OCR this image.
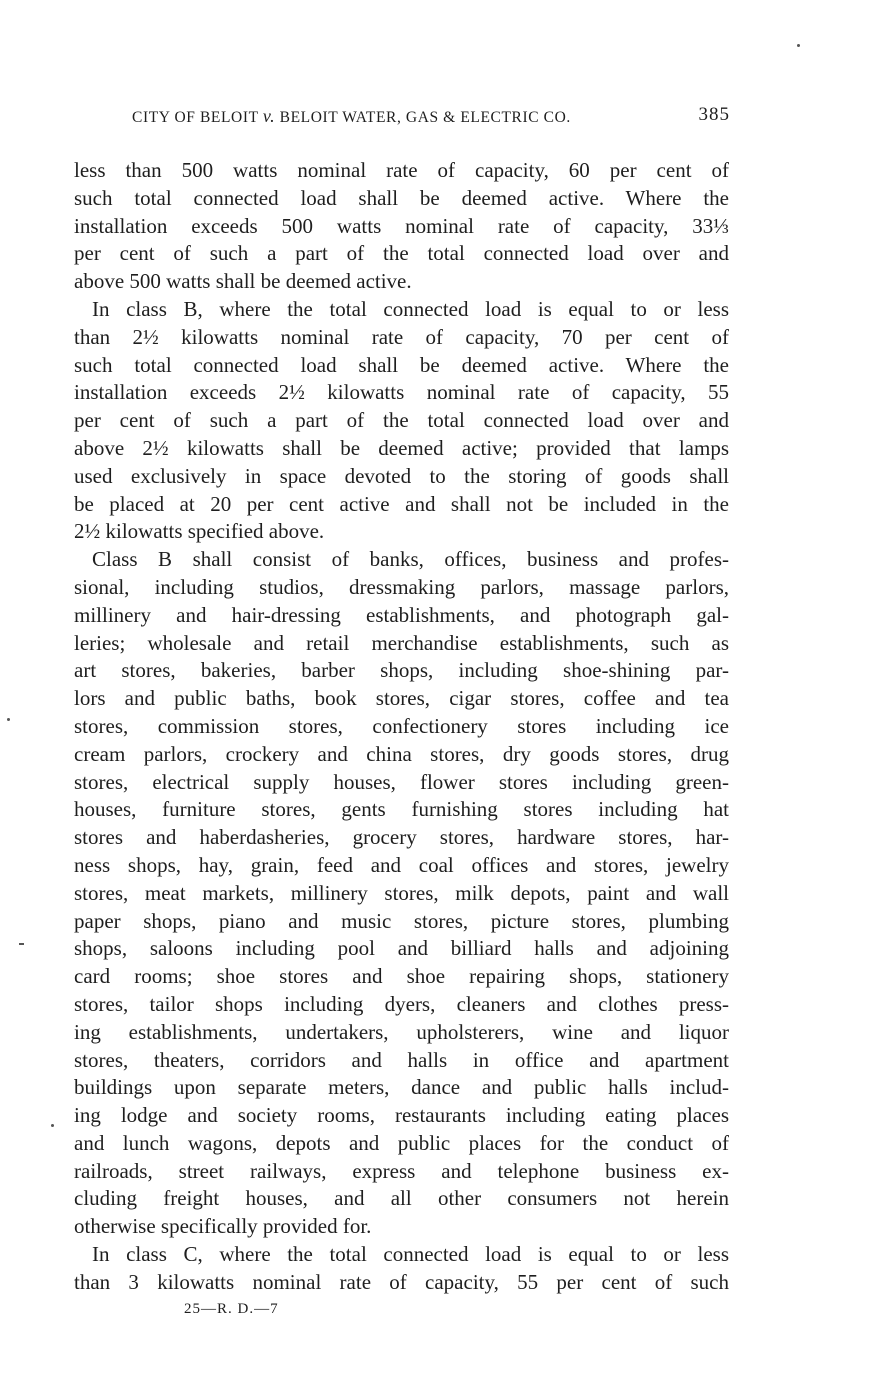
CITY OF BELOIT v. BELOIT WATER, GAS & ELECTRIC CO.	385
less than 500 watts nominal rate of capacity, 60 per cent of
such total connected load shall be deemed active. Where the
installation exceeds 500 watts nominal rate of capacity, 33⅓
per cent of such a part of the total connected load over and
above 500 watts shall be deemed active.
In class B, where the total connected load is equal to or less
than 2½ kilowatts nominal rate of capacity, 70 per cent of
such total connected load shall be deemed active. Where the
installation exceeds 2½ kilowatts nominal rate of capacity, 55
per cent of such a part of the total connected load over and
above 2½ kilowatts shall be deemed active; provided that lamps
used exclusively in space devoted to the storing of goods shall
be placed at 20 per cent active and shall not be included in the
2½ kilowatts specified above.
Class B shall consist of banks, offices, business and profes-
sional, including studios, dressmaking parlors, massage parlors,
millinery and hair-dressing establishments, and photograph gal-
leries; wholesale and retail merchandise establishments, such as
art stores, bakeries, barber shops, including shoe-shining par-
lors and public baths, book stores, cigar stores, coffee and tea
stores, commission stores, confectionery stores including ice
cream parlors, crockery and china stores, dry goods stores, drug
stores, electrical supply houses, flower stores including green-
houses, furniture stores, gents furnishing stores including hat
stores and haberdasheries, grocery stores, hardware stores, har-
ness shops, hay, grain, feed and coal offices and stores, jewelry
stores, meat markets, millinery stores, milk depots, paint and wall
paper shops, piano and music stores, picture stores, plumbing
shops, saloons including pool and billiard halls and adjoining
card rooms; shoe stores and shoe repairing shops, stationery
stores, tailor shops including dyers, cleaners and clothes press-
ing establishments, undertakers, upholsterers, wine and liquor
stores, theaters, corridors and halls in office and apartment
buildings upon separate meters, dance and public halls includ-
ing lodge and society rooms, restaurants including eating places
and lunch wagons, depots and public places for the conduct of
railroads, street railways, express and telephone business ex-
cluding freight houses, and all other consumers not herein
otherwise specifically provided for.
In class C, where the total connected load is equal to or less
than 3 kilowatts nominal rate of capacity, 55 per cent of such
25—R. D.—7
